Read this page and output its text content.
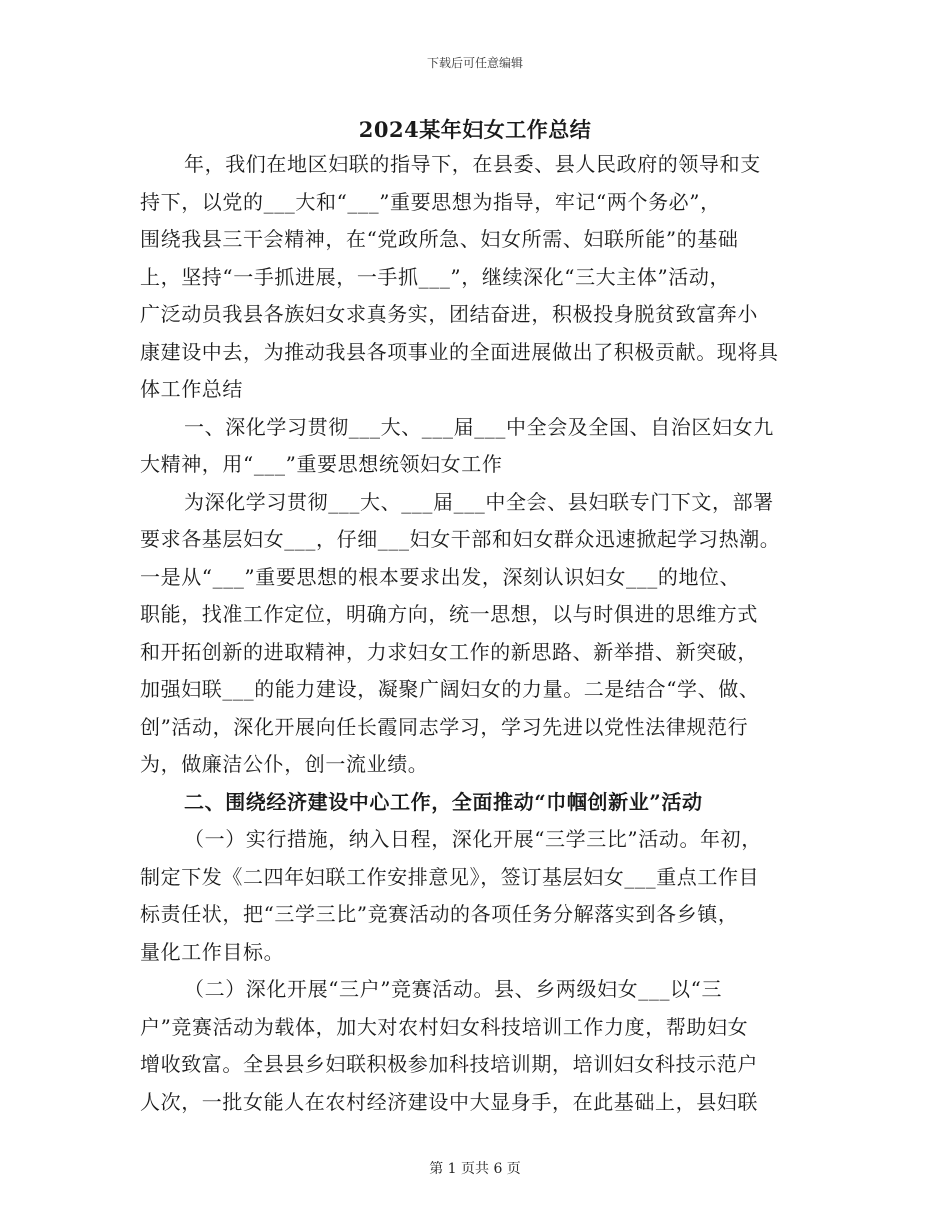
下载后可任意编辑
2024某年妇女工作总结
年，我们在地区妇联的指导下，在县委、县人民政府的领导和支
持下，以党的___大和“___”重要思想为指导，牢记“两个务必”，
围绕我县三干会精神，在“党政所急、妇女所需、妇联所能”的基础
上，坚持“一手抓进展，一手抓___”，继续深化“三大主体”活动，
广泛动员我县各族妇女求真务实，团结奋进，积极投身脱贫致富奔小
康建设中去，为推动我县各项事业的全面进展做出了积极贡献。现将具
体工作总结
一、深化学习贯彻___大、___届___中全会及全国、自治区妇女九
大精神，用“___”重要思想统领妇女工作
为深化学习贯彻___大、___届___中全会、县妇联专门下文，部署
要求各基层妇女___，仔细___妇女干部和妇女群众迅速掀起学习热潮。
一是从“___”重要思想的根本要求出发，深刻认识妇女___的地位、
职能，找准工作定位，明确方向，统一思想，以与时俱进的思维方式
和开拓创新的进取精神，力求妇女工作的新思路、新举措、新突破，
加强妇联___的能力建设，凝聚广阔妇女的力量。二是结合“学、做、
创”活动，深化开展向任长霞同志学习，学习先进以党性法律规范行
为，做廉洁公仆，创一流业绩。
二、围绕经济建设中心工作，全面推动“巾帼创新业”活动
（一）实行措施，纳入日程，深化开展“三学三比”活动。年初，
制定下发《二四年妇联工作安排意见》，签订基层妇女___重点工作目
标责任状，把“三学三比”竞赛活动的各项任务分解落实到各乡镇，
量化工作目标。
（二）深化开展“三户”竞赛活动。县、乡两级妇女___以“三
户”竞赛活动为载体，加大对农村妇女科技培训工作力度，帮助妇女
增收致富。全县县乡妇联积极参加科技培训期，培训妇女科技示范户
人次，一批女能人在农村经济建设中大显身手，在此基础上，县妇联
第 1 页共 6 页
